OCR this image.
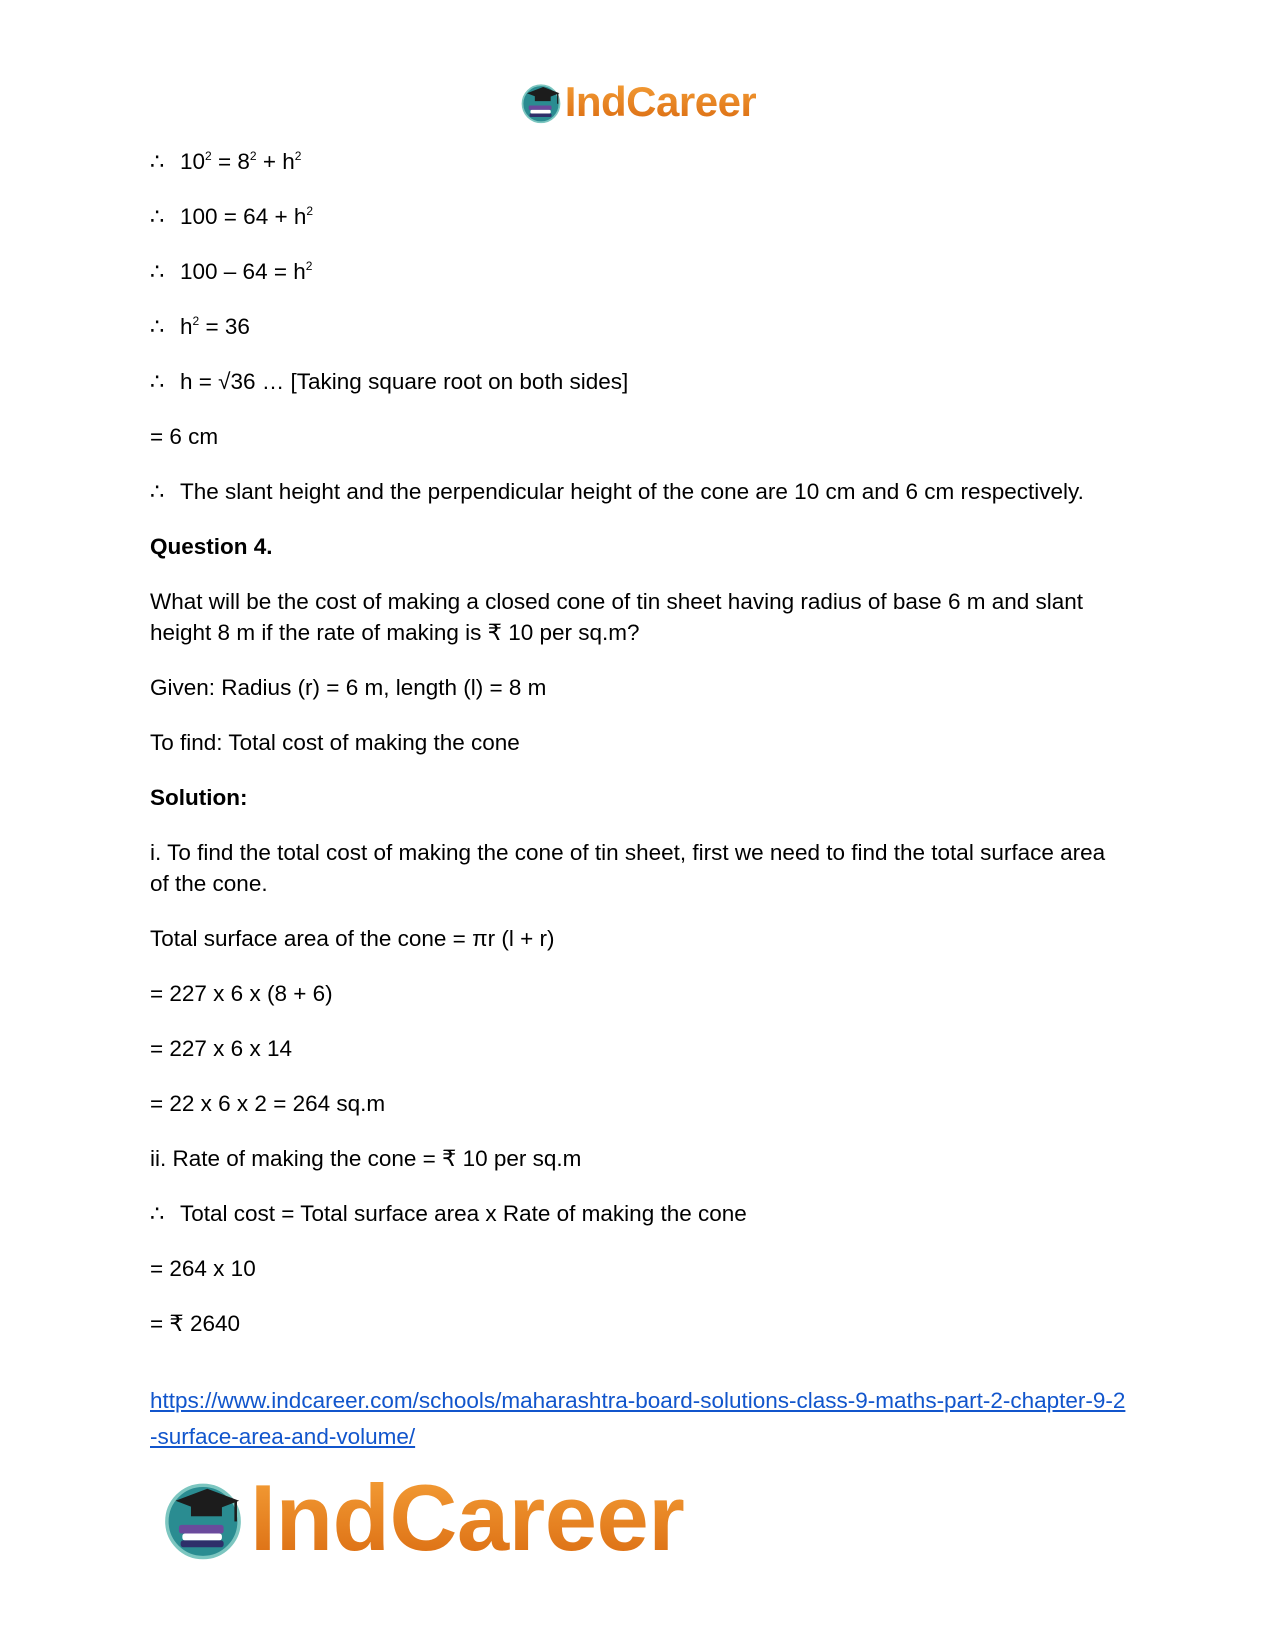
IndCareer

∴ $10^2 = 8^2 + h^2$

∴ $100 = 64 + h^2$

∴ $100 - 64 = h^2$

∴ $h^2 = 36$

∴ h = √36 … [Taking square root on both sides]

= 6 cm

∴ The slant height and the perpendicular height of the cone are 10 cm and 6 cm respectively.

Question 4.

What will be the cost of making a closed cone of tin sheet having radius of base 6 m and slant height 8 m if the rate of making is ₹ 10 per sq.m?

Given: Radius (r) = 6 m, length (l) = 8 m

To find: Total cost of making the cone

Solution:

i. To find the total cost of making the cone of tin sheet, first we need to find the total surface area of the cone.

Total surface area of the cone = πr (l + r)

= 227 x 6 x (8 + 6)

= 227 x 6 x 14

= 22 x 6 x 2 = 264 sq.m

ii. Rate of making the cone = ₹ 10 per sq.m

∴ Total cost = Total surface area x Rate of making the cone

= 264 x 10

= ₹ 2640

https://www.indcareer.com/schools/maharashtra-board-solutions-class-9-maths-part-2-chapter-9-2-surface-area-and-volume/
IndCareer
